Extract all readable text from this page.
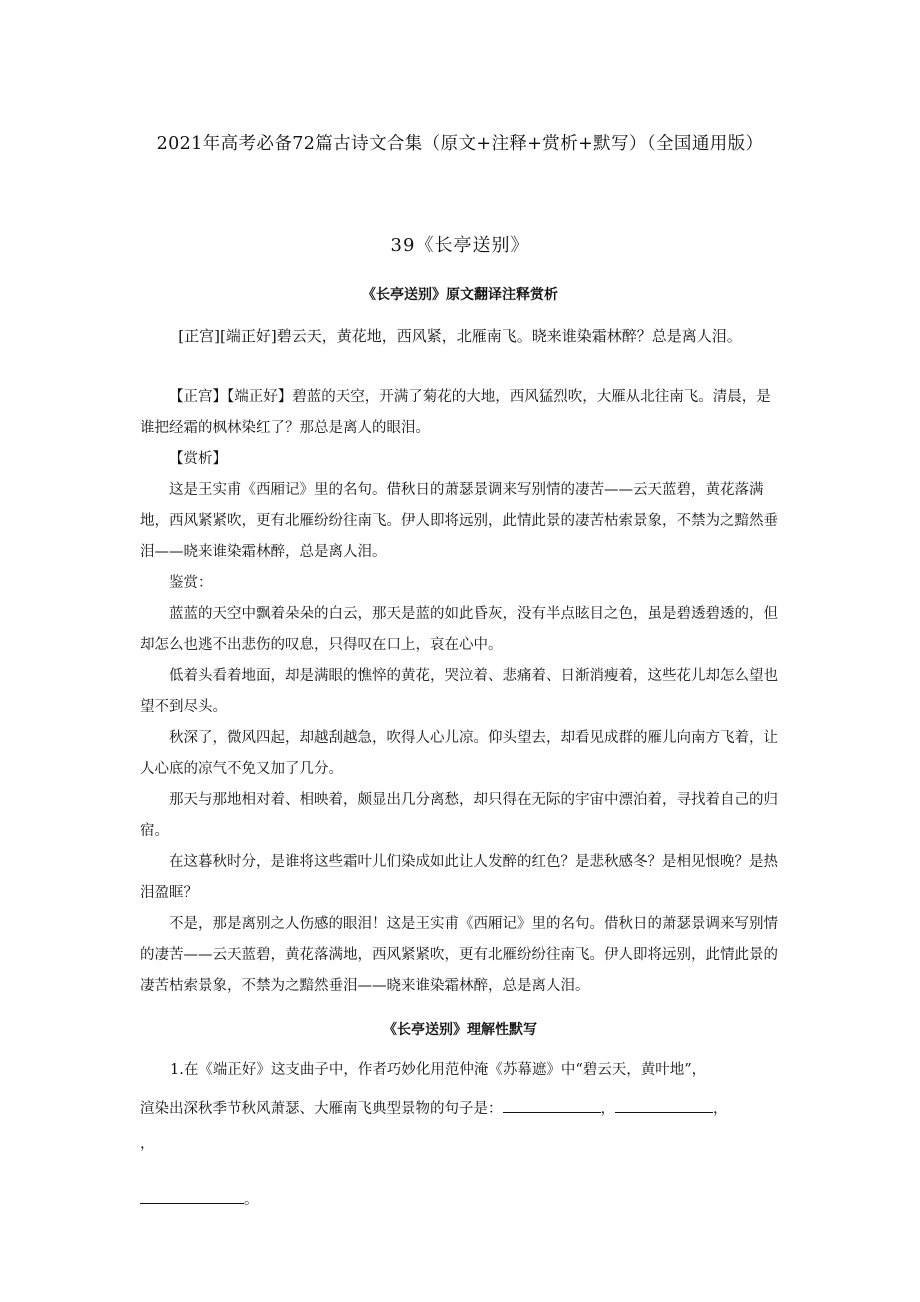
2021年高考必备72篇古诗文合集（原文+注释+赏析+默写）（全国通用版）
39《长亭送别》
《长亭送别》原文翻译注释赏析
[正宫][端正好]碧云天，黄花地，西风紧，北雁南飞。晓来谁染霜林醉？总是离人泪。

【正宫】【端正好】碧蓝的天空，开满了菊花的大地，西风猛烈吹，大雁从北往南飞。清晨，是谁把经霜的枫林染红了？那总是离人的眼泪。

【赏析】

这是王实甫《西厢记》里的名句。借秋日的萧瑟景调来写别情的凄苦——云天蓝碧，黄花落满地，西风紧紧吹，更有北雁纷纷往南飞。伊人即将远别，此情此景的凄苦枯索景象，不禁为之黯然垂泪——晓来谁染霜林醉，总是离人泪。

鉴赏：

蓝蓝的天空中飘着朵朵的白云，那天是蓝的如此昏灰，没有半点眩目之色，虽是碧透碧透的，但却怎么也逃不出悲伤的叹息，只得叹在口上，哀在心中。

低着头看着地面，却是满眼的憔悴的黄花，哭泣着、悲痛着、日渐消瘦着，这些花儿却怎么望也望不到尽头。

秋深了，微风四起，却越刮越急，吹得人心儿凉。仰头望去，却看见成群的雁儿向南方飞着，让人心底的凉气不免又加了几分。

那天与那地相对着、相映着，颇显出几分离愁，却只得在无际的宇宙中漂泊着，寻找着自己的归宿。

在这暮秋时分，是谁将这些霜叶儿们染成如此让人发醉的红色？是悲秋感冬？是相见恨晚？是热泪盈眶？

不是，那是离别之人伤感的眼泪！这是王实甫《西厢记》里的名句。借秋日的萧瑟景调来写别情的凄苦——云天蓝碧，黄花落满地，西风紧紧吹，更有北雁纷纷往南飞。伊人即将远别，此情此景的凄苦枯索景象，不禁为之黯然垂泪——晓来谁染霜林醉，总是离人泪。

《长亭送别》理解性默写
1.在《端正好》这支曲子中，作者巧妙化用范仲淹《苏幕遮》中“碧云天，黄叶地”，
渲染出深秋季节秋风萧瑟、大雁南飞典型景物的句子是：	，	，
，
。
